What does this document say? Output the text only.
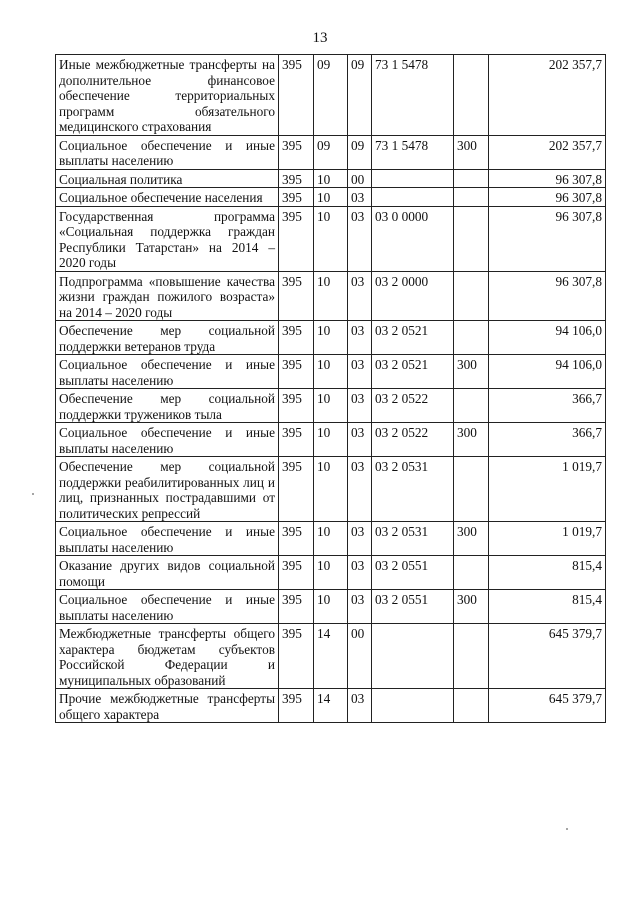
13
Иные межбюджетные трансферты на дополнительное финансовое обеспечение территориальных программ обязательного медицинского страхования	395	09	09	73 1 5478		202 357,7
Социальное обеспечение и иные выплаты населению	395	09	09	73 1 5478	300	202 357,7
Социальная политика	395	10	00			96 307,8
Социальное обеспечение населения	395	10	03			96 307,8
Государственная программа «Социальная поддержка граждан Республики Татарстан» на 2014 – 2020 годы	395	10	03	03 0 0000		96 307,8
Подпрограмма «повышение качества жизни граждан пожилого возраста» на 2014 – 2020 годы	395	10	03	03 2 0000		96 307,8
Обеспечение мер социальной поддержки ветеранов труда	395	10	03	03 2 0521		94 106,0
Социальное обеспечение и иные выплаты населению	395	10	03	03 2 0521	300	94 106,0
Обеспечение мер социальной поддержки тружеников тыла	395	10	03	03 2 0522		366,7
Социальное обеспечение и иные выплаты населению	395	10	03	03 2 0522	300	366,7
Обеспечение мер социальной поддержки реабилитированных лиц и лиц, признанных пострадавшими от политических репрессий	395	10	03	03 2 0531		1 019,7
Социальное обеспечение и иные выплаты населению	395	10	03	03 2 0531	300	1 019,7
Оказание других видов социальной помощи	395	10	03	03 2 0551		815,4
Социальное обеспечение и иные выплаты населению	395	10	03	03 2 0551	300	815,4
Межбюджетные трансферты общего характера бюджетам субъектов Российской Федерации и муниципальных образований	395	14	00			645 379,7
Прочие межбюджетные трансферты общего характера	395	14	03			645 379,7
